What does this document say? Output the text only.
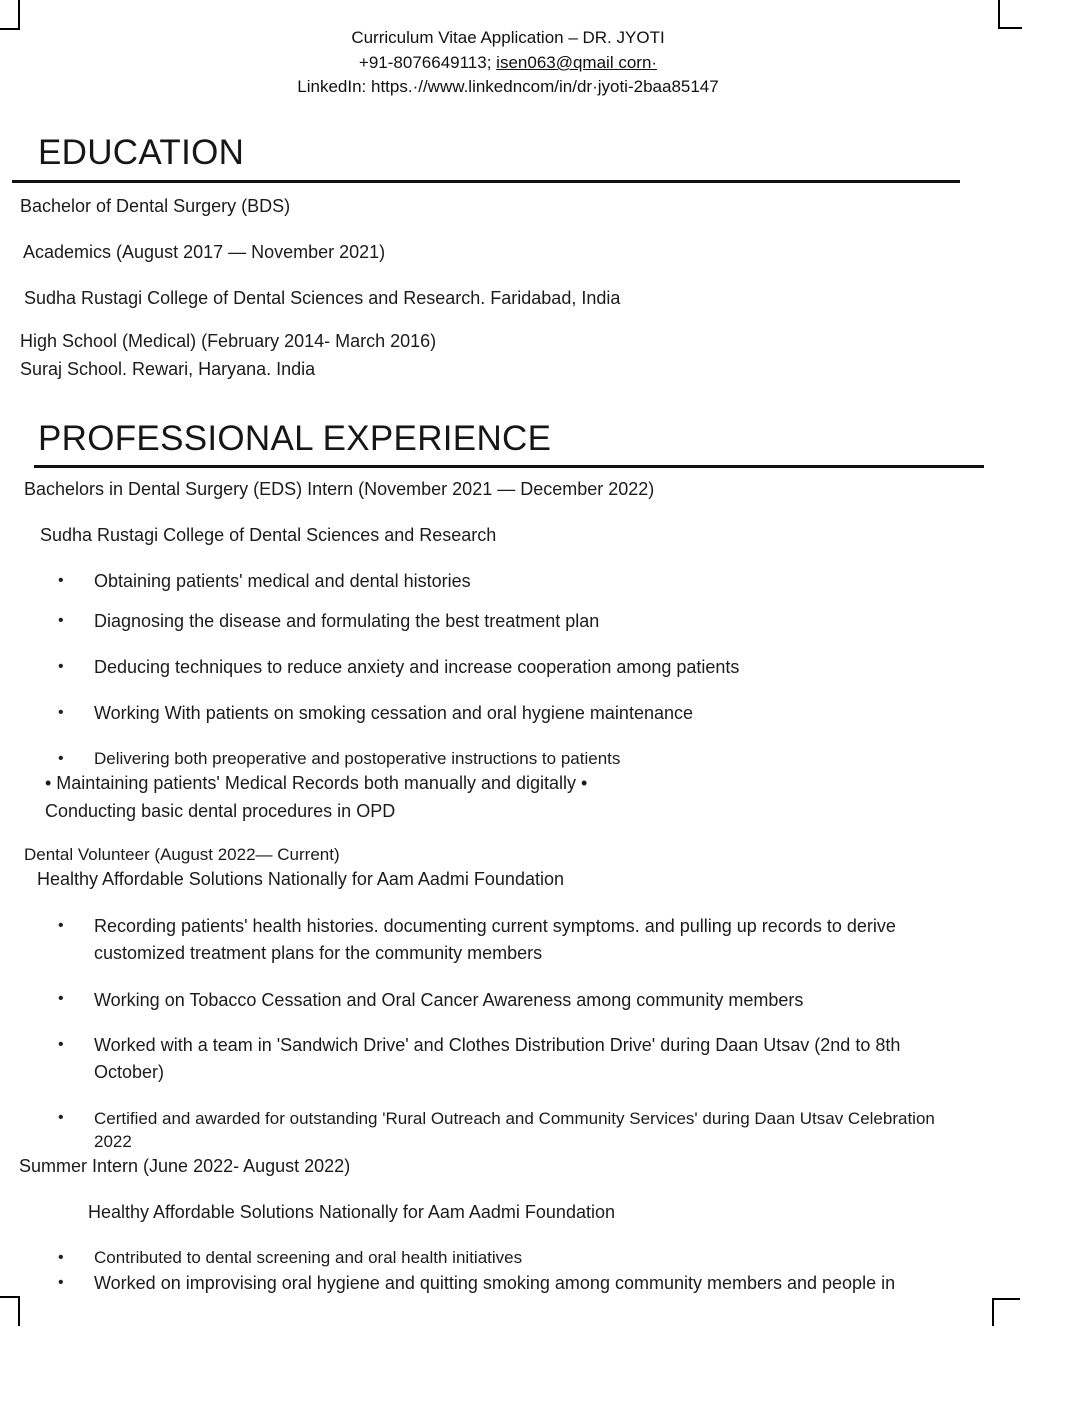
Curriculum Vitae Application – DR. JYOTI
+91-8076649113; isen063@qmail corn·
LinkedIn: https.·//www.linkedncom/in/dr·jyoti-2baa85147
EDUCATION
Bachelor of Dental Surgery (BDS)
Academics (August 2017 — November 2021)
Sudha Rustagi College of Dental Sciences and Research. Faridabad, India
High School (Medical) (February 2014- March 2016)
Suraj School. Rewari, Haryana. India
PROFESSIONAL EXPERIENCE
Bachelors in Dental Surgery (EDS) Intern (November 2021 — December 2022)
Sudha Rustagi College of Dental Sciences and Research
• Obtaining patients' medical and dental histories
• Diagnosing the disease and formulating the best treatment plan
• Deducing techniques to reduce anxiety and increase cooperation among patients
• Working With patients on smoking cessation and oral hygiene maintenance
• Delivering both preoperative and postoperative instructions to patients
• Maintaining patients' Medical Records both manually and digitally •
Conducting basic dental procedures in OPD
Dental Volunteer (August 2022— Current)
Healthy Affordable Solutions Nationally for Aam Aadmi Foundation
• Recording patients' health histories. documenting current symptoms. and pulling up records to derive
customized treatment plans for the community members
• Working on Tobacco Cessation and Oral Cancer Awareness among community members
• Worked with a team in 'Sandwich Drive' and Clothes Distribution Drive' during Daan Utsav (2nd to 8th
October)
• Certified and awarded for outstanding 'Rural Outreach and Community Services' during Daan Utsav Celebration
2022
Summer Intern (June 2022- August 2022)
Healthy Affordable Solutions Nationally for Aam Aadmi Foundation
• Contributed to dental screening and oral health initiatives
• Worked on improvising oral hygiene and quitting smoking among community members and people in
